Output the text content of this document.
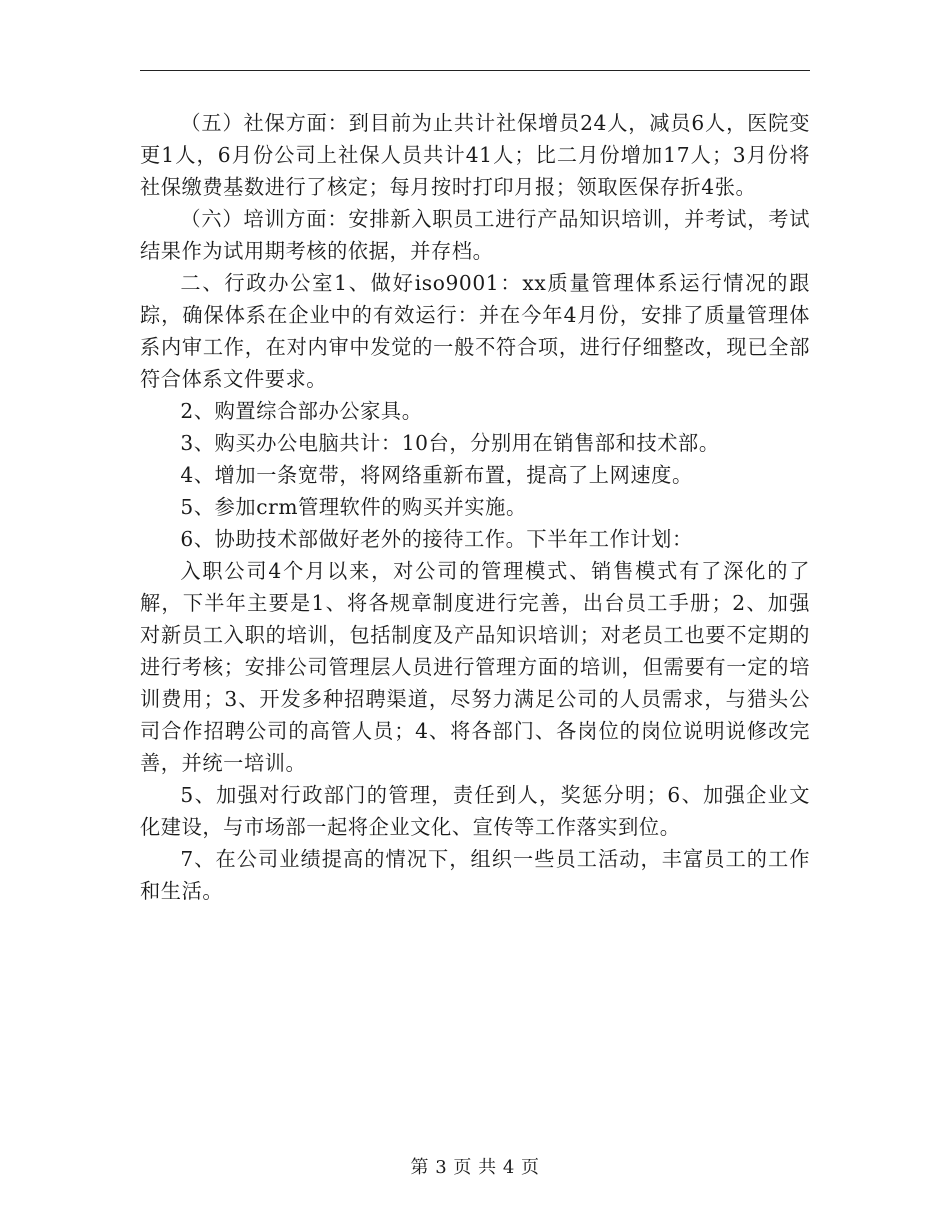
（五）社保方面：到目前为止共计社保增员24人，减员6人，医院变更1人，6月份公司上社保人员共计41人；比二月份增加17人；3月份将社保缴费基数进行了核定；每月按时打印月报；领取医保存折4张。

（六）培训方面：安排新入职员工进行产品知识培训，并考试，考试结果作为试用期考核的依据，并存档。

二、行政办公室1、做好iso9001：xx质量管理体系运行情况的跟踪，确保体系在企业中的有效运行：并在今年4月份，安排了质量管理体系内审工作，在对内审中发觉的一般不符合项，进行仔细整改，现已全部符合体系文件要求。

2、购置综合部办公家具。

3、购买办公电脑共计：10台，分别用在销售部和技术部。

4、增加一条宽带，将网络重新布置，提高了上网速度。

5、参加crm管理软件的购买并实施。

6、协助技术部做好老外的接待工作。下半年工作计划：

入职公司4个月以来，对公司的管理模式、销售模式有了深化的了解，下半年主要是1、将各规章制度进行完善，出台员工手册；2、加强对新员工入职的培训，包括制度及产品知识培训；对老员工也要不定期的进行考核；安排公司管理层人员进行管理方面的培训，但需要有一定的培训费用；3、开发多种招聘渠道，尽努力满足公司的人员需求，与猎头公司合作招聘公司的高管人员；4、将各部门、各岗位的岗位说明说修改完善，并统一培训。

5、加强对行政部门的管理，责任到人，奖惩分明；6、加强企业文化建设，与市场部一起将企业文化、宣传等工作落实到位。

7、在公司业绩提高的情况下，组织一些员工活动，丰富员工的工作和生活。

第 3 页 共 4 页
